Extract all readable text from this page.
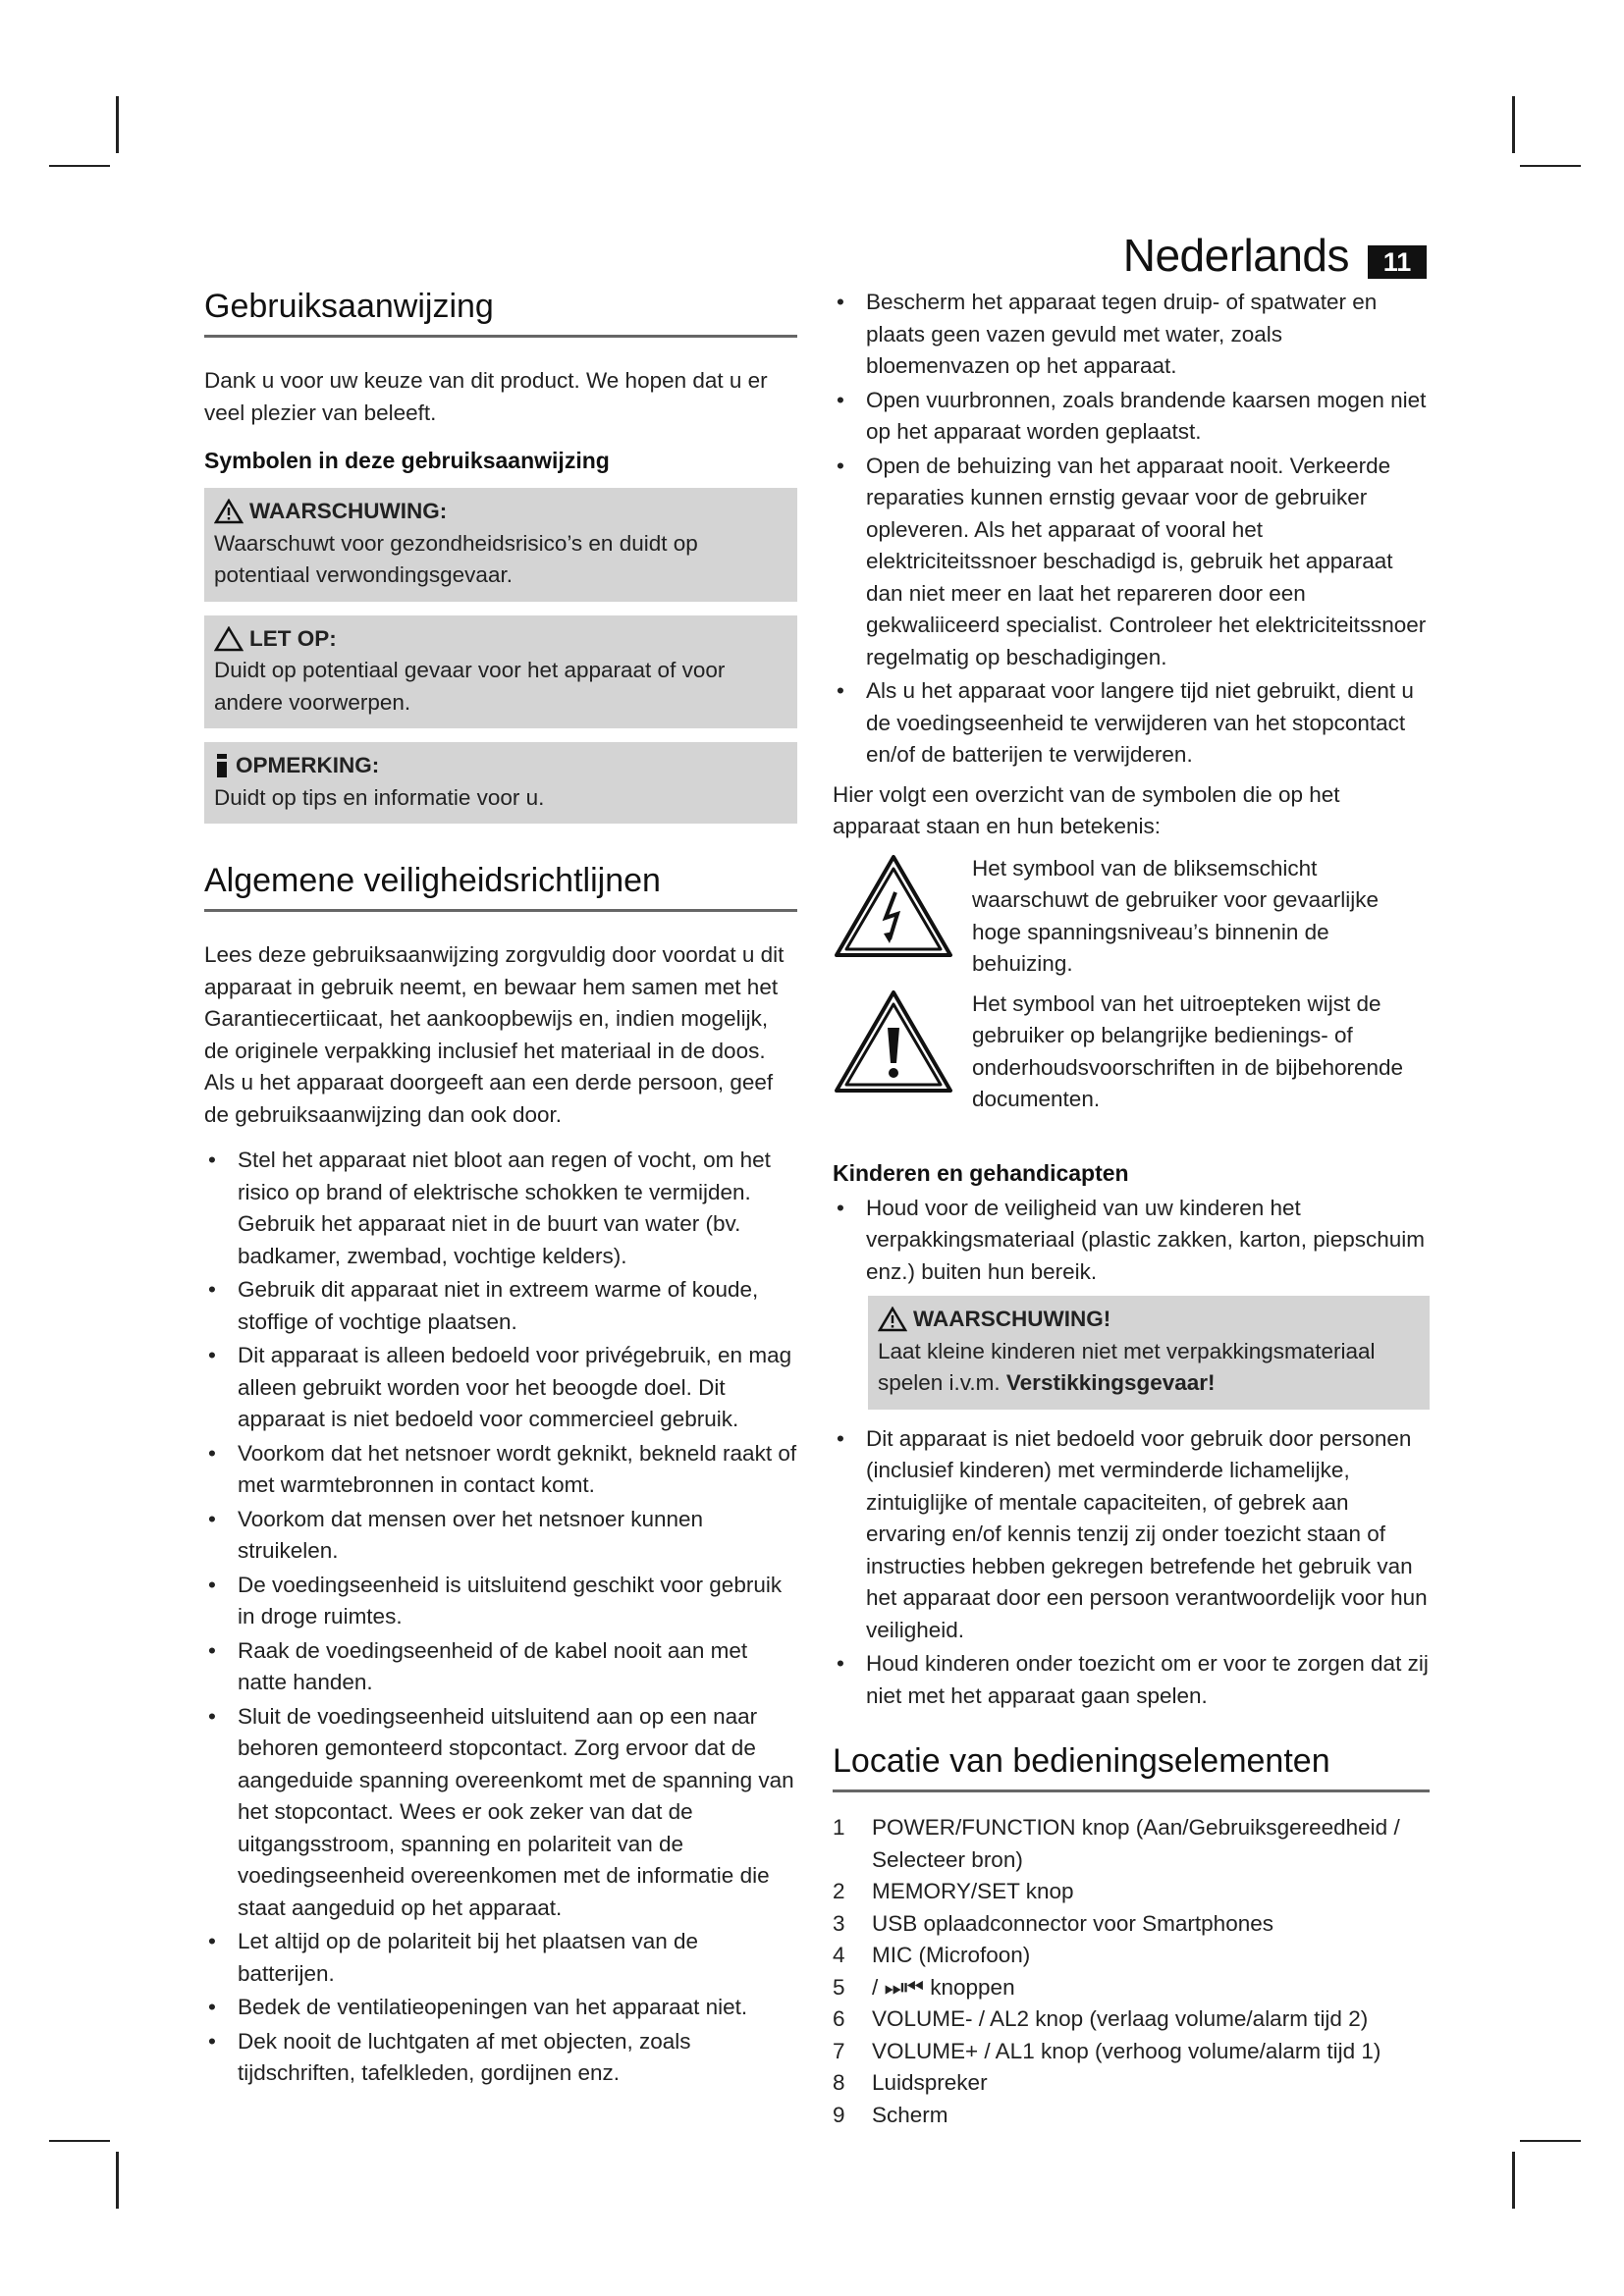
Nederlands	11
Gebruiksaanwijzing

Dank u voor uw keuze van dit product. We hopen dat u er veel plezier van beleeft.

Symbolen in deze gebruiksaanwijzing
WAARSCHUWING:
Waarschuwt voor gezondheidsrisico’s en duidt op potentiaal verwondingsgevaar.
LET OP:
Duidt op potentiaal gevaar voor het apparaat of voor andere voorwerpen.
OPMERKING:
Duidt op tips en informatie voor u.
Algemene veiligheidsrichtlijnen

Lees deze gebruiksaanwijzing zorgvuldig door voordat u dit apparaat in gebruik neemt, en bewaar hem samen met het Garantiecertiicaat, het aankoopbewijs en, indien mogelijk, de originele verpakking inclusief het materiaal in de doos. Als u het apparaat doorgeeft aan een derde persoon, geef de gebruiksaanwijzing dan ook door.

• Stel het apparaat niet bloot aan regen of vocht, om het risico op brand of elektrische schokken te vermijden. Gebruik het apparaat niet in de buurt van water (bv. badkamer, zwembad, vochtige kelders).
• Gebruik dit apparaat niet in extreem warme of koude, stoffige of vochtige plaatsen.
• Dit apparaat is alleen bedoeld voor privégebruik, en mag alleen gebruikt worden voor het beoogde doel. Dit apparaat is niet bedoeld voor commercieel gebruik.
• Voorkom dat het netsnoer wordt geknikt, bekneld raakt of met warmtebronnen in contact komt.
• Voorkom dat mensen over het netsnoer kunnen struikelen.
• De voedingseenheid is uitsluitend geschikt voor gebruik in droge ruimtes.
• Raak de voedingseenheid of de kabel nooit aan met natte handen.
• Sluit de voedingseenheid uitsluitend aan op een naar behoren gemonteerd stopcontact. Zorg ervoor dat de aangeduide spanning overeenkomt met de spanning van het stopcontact. Wees er ook zeker van dat de uitgangsstroom, spanning en polariteit van de voedingseenheid overeenkomen met de informatie die staat aangeduid op het apparaat.
• Let altijd op de polariteit bij het plaatsen van de batterijen.
• Bedek de ventilatieopeningen van het apparaat niet.
• Dek nooit de luchtgaten af met objecten, zoals tijdschriften, tafelkleden, gordijnen enz.
• Bescherm het apparaat tegen druip- of spatwater en plaats geen vazen gevuld met water, zoals bloemenvazen op het apparaat.
• Open vuurbronnen, zoals brandende kaarsen mogen niet op het apparaat worden geplaatst.
• Open de behuizing van het apparaat nooit. Verkeerde reparaties kunnen ernstig gevaar voor de gebruiker opleveren. Als het apparaat of vooral het elektriciteitssnoer beschadigd is, gebruik het apparaat dan niet meer en laat het repareren door een gekwaliiceerd specialist. Controleer het elektriciteitssnoer regelmatig op beschadigingen.
• Als u het apparaat voor langere tijd niet gebruikt, dient u de voedingseenheid te verwijderen van het stopcontact en/of de batterijen te verwijderen.

Hier volgt een overzicht van de symbolen die op het apparaat staan en hun betekenis:

Het symbool van de bliksemschicht waarschuwt de gebruiker voor gevaarlijke hoge spanningsniveau’s binnenin de behuizing.
Het symbool van het uitroepteken wijst de gebruiker op belangrijke bedienings- of onderhoudsvoorschriften in de bijbehorende documenten.
Kinderen en gehandicapten
• Houd voor de veiligheid van uw kinderen het verpakkingsmateriaal (plastic zakken, karton, piepschuim enz.) buiten hun bereik.
WAARSCHUWING!
Laat kleine kinderen niet met verpakkingsmateriaal spelen i.v.m. Verstikkingsgevaar!
• Dit apparaat is niet bedoeld voor gebruik door personen (inclusief kinderen) met verminderde lichamelijke, zintuiglijke of mentale capaciteiten, of gebrek aan ervaring en/of kennis tenzij zij onder toezicht staan of instructies hebben gekregen betrefende het gebruik van het apparaat door een persoon verantwoordelijk voor hun veiligheid.
• Houd kinderen onder toezicht om er voor te zorgen dat zij niet met het apparaat gaan spelen.
Locatie van bedieningselementen
1	POWER/FUNCTION knop (Aan/Gebruiksgereedheid / Selecteer bron)
2	MEMORY/SET knop
3	USB oplaadconnector voor Smartphones
4	MIC (Microfoon)
5	/ ⏭⏮ knoppen
6	VOLUME- / AL2 knop (verlaag volume/alarm tijd 2)
7	VOLUME+ / AL1 knop (verhoog volume/alarm tijd 1)
8	Luidspreker
9	Scherm
